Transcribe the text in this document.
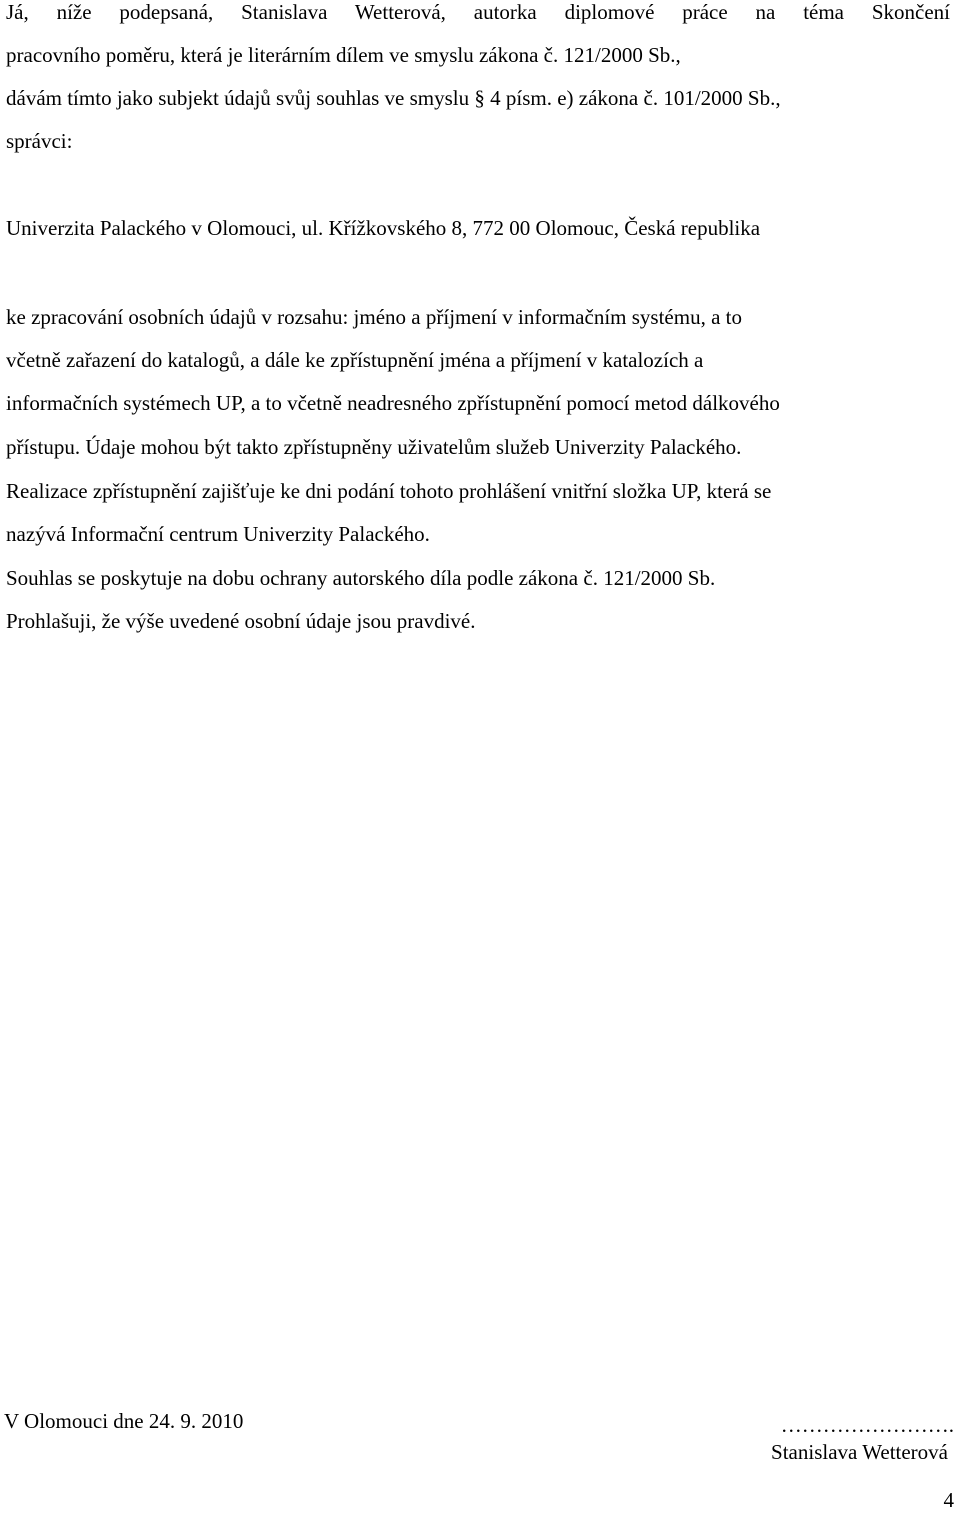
Já, níže podepsaná, Stanislava Wetterová, autorka diplomové práce na téma Skončení
pracovního poměru, která je literárním dílem ve smyslu zákona č. 121/2000 Sb.,
dávám tímto jako subjekt údajů svůj souhlas ve smyslu § 4 písm. e) zákona č. 101/2000 Sb.,
správci:
Univerzita Palackého v Olomouci, ul. Křížkovského 8, 772 00 Olomouc, Česká republika
ke zpracování osobních údajů v rozsahu: jméno a příjmení v informačním systému, a to
včetně zařazení do katalogů, a dále ke zpřístupnění jména a příjmení v katalozích a
informačních systémech UP, a to včetně neadresného zpřístupnění pomocí metod dálkového
přístupu. Údaje mohou být takto zpřístupněny uživatelům služeb Univerzity Palackého.
Realizace zpřístupnění zajišťuje ke dni podání tohoto prohlášení vnitřní složka UP, která se
nazývá Informační centrum Univerzity Palackého.
Souhlas se poskytuje na dobu ochrany autorského díla podle zákona č. 121/2000 Sb.
Prohlašuji, že výše uvedené osobní údaje jsou pravdivé.
V Olomouci dne 24. 9. 2010	…………………….
Stanislava Wetterová
4
